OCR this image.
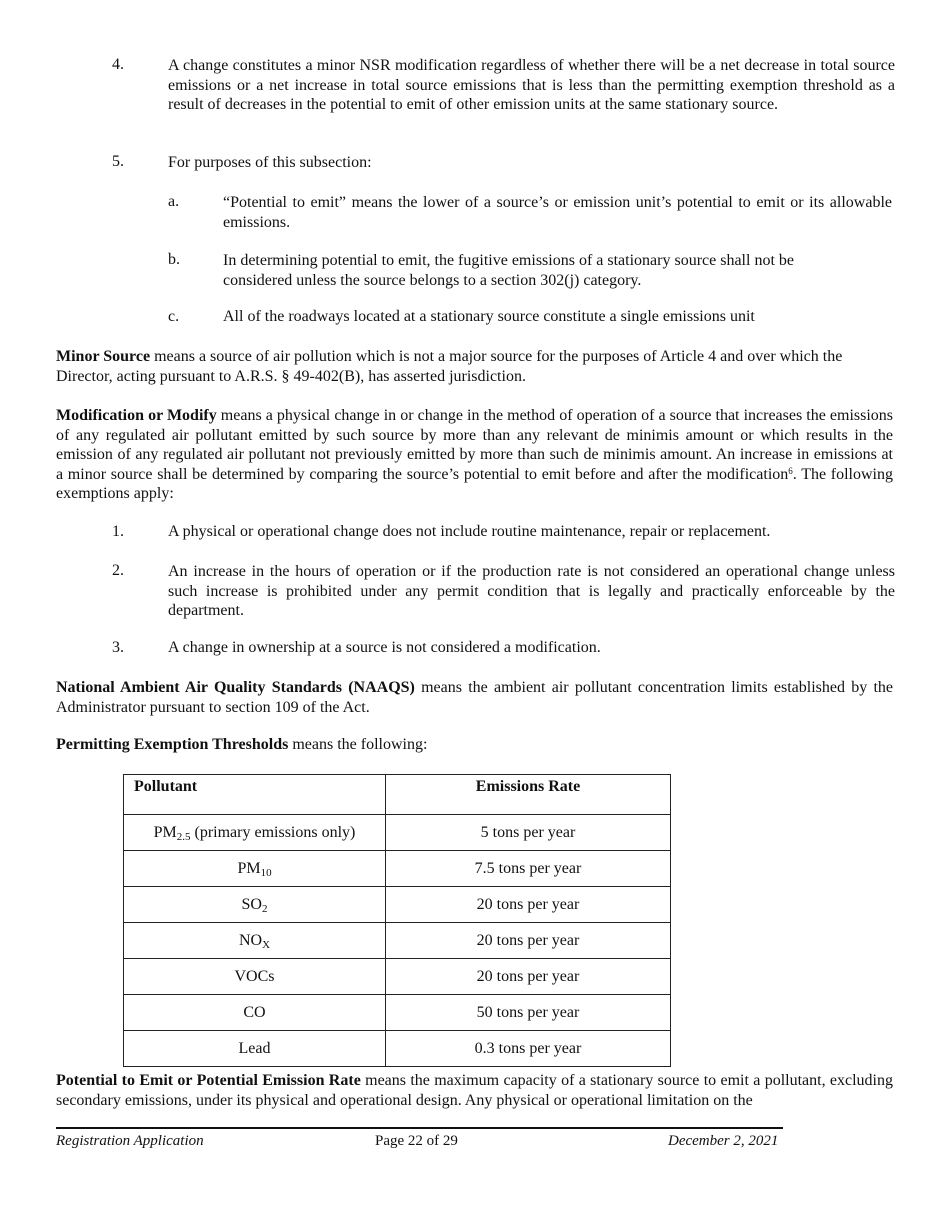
4.	A change constitutes a minor NSR modification regardless of whether there will be a net decrease in total source emissions or a net increase in total source emissions that is less than the permitting exemption threshold as a result of decreases in the potential to emit of other emission units at the same stationary source.

5.	For purposes of this subsection:

a.	“Potential to emit” means the lower of a source’s or emission unit’s potential to emit or its allowable emissions.

b.	In determining potential to emit, the fugitive emissions of a stationary source shall not be considered unless the source belongs to a section 302(j) category.

c.	All of the roadways located at a stationary source constitute a single emissions unit

Minor Source means a source of air pollution which is not a major source for the purposes of Article 4 and over which the Director, acting pursuant to A.R.S. § 49-402(B), has asserted jurisdiction.

Modification or Modify means a physical change in or change in the method of operation of a source that increases the emissions of any regulated air pollutant emitted by such source by more than any relevant de minimis amount or which results in the emission of any regulated air pollutant not previously emitted by more than such de minimis amount. An increase in emissions at a minor source shall be determined by comparing the source’s potential to emit before and after the modification$^6$. The following exemptions apply:

1.	A physical or operational change does not include routine maintenance, repair or replacement.

2.	An increase in the hours of operation or if the production rate is not considered an operational change unless such increase is prohibited under any permit condition that is legally and practically enforceable by the department.

3.	A change in ownership at a source is not considered a modification.

National Ambient Air Quality Standards (NAAQS) means the ambient air pollutant concentration limits established by the Administrator pursuant to section 109 of the Act.

Permitting Exemption Thresholds means the following:

Pollutant	Emissions Rate
$PM_{2.5}$ (primary emissions only)	5 tons per year
$PM_{10}$	7.5 tons per year
$SO_2$	20 tons per year
$NO_X$	20 tons per year
VOCs	20 tons per year
CO	50 tons per year
Lead	0.3 tons per year

Potential to Emit or Potential Emission Rate means the maximum capacity of a stationary source to emit a pollutant, excluding secondary emissions, under its physical and operational design. Any physical or operational limitation on the

Registration Application	Page 22 of 29	December 2, 2021
